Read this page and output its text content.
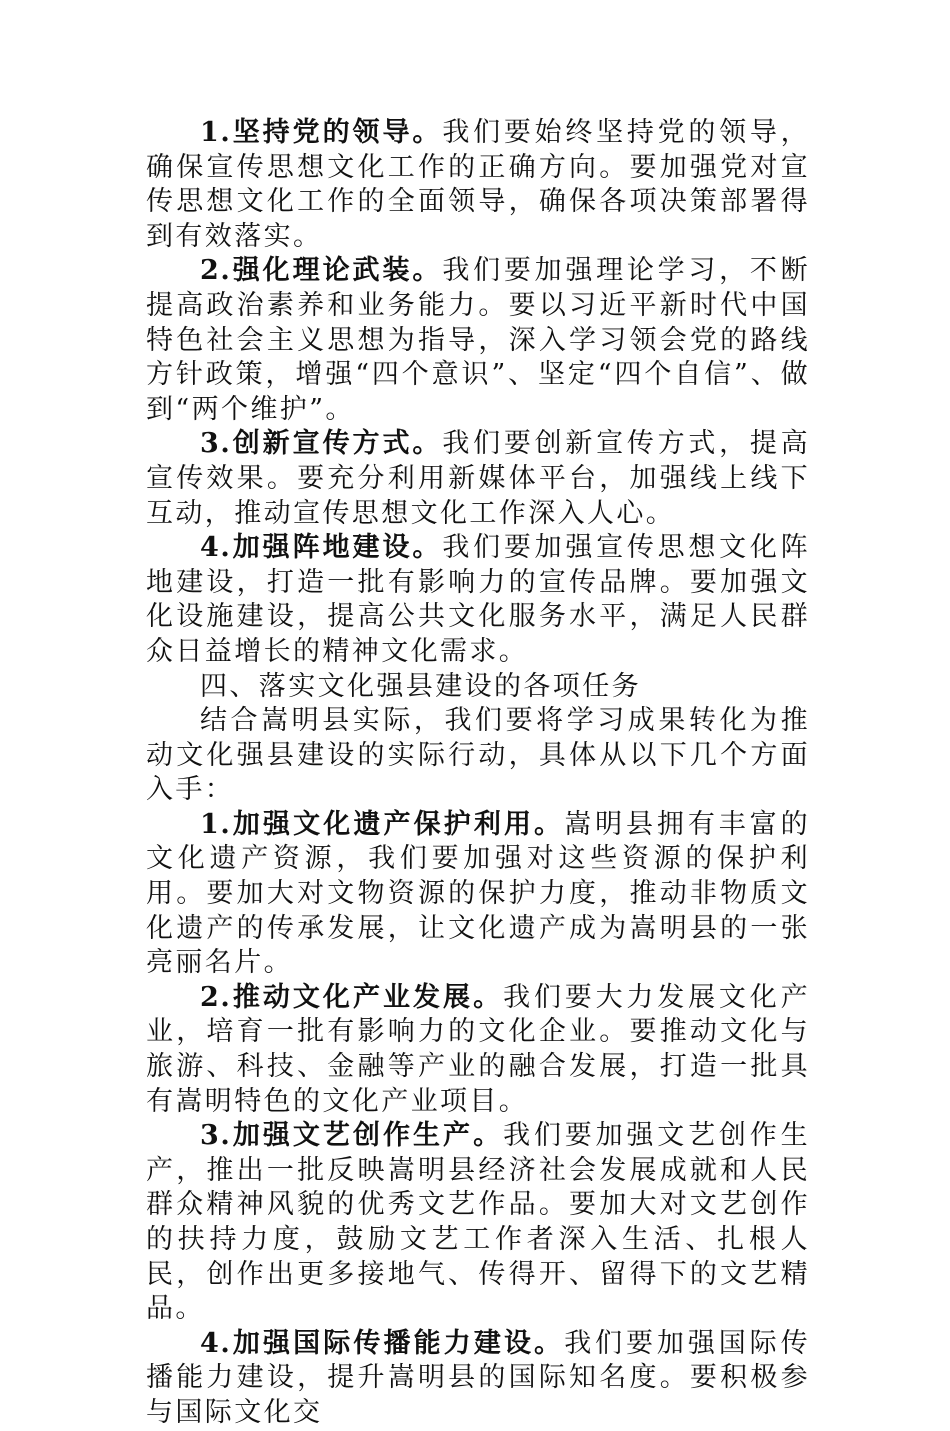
1.坚持党的领导。我们要始终坚持党的领导，确保宣传思想文化工作的正确方向。要加强党对宣传思想文化工作的全面领导，确保各项决策部署得到有效落实。

2.强化理论武装。我们要加强理论学习，不断提高政治素养和业务能力。要以习近平新时代中国特色社会主义思想为指导，深入学习领会党的路线方针政策，增强“四个意识”、坚定“四个自信”、做到“两个维护”。

3.创新宣传方式。我们要创新宣传方式，提高宣传效果。要充分利用新媒体平台，加强线上线下互动，推动宣传思想文化工作深入人心。

4.加强阵地建设。我们要加强宣传思想文化阵地建设，打造一批有影响力的宣传品牌。要加强文化设施建设，提高公共文化服务水平，满足人民群众日益增长的精神文化需求。

四、落实文化强县建设的各项任务

结合嵩明县实际，我们要将学习成果转化为推动文化强县建设的实际行动，具体从以下几个方面入手：

1.加强文化遗产保护利用。嵩明县拥有丰富的文化遗产资源，我们要加强对这些资源的保护利用。要加大对文物资源的保护力度，推动非物质文化遗产的传承发展，让文化遗产成为嵩明县的一张亮丽名片。

2.推动文化产业发展。我们要大力发展文化产业，培育一批有影响力的文化企业。要推动文化与旅游、科技、金融等产业的融合发展，打造一批具有嵩明特色的文化产业项目。

3.加强文艺创作生产。我们要加强文艺创作生产，推出一批反映嵩明县经济社会发展成就和人民群众精神风貌的优秀文艺作品。要加大对文艺创作的扶持力度，鼓励文艺工作者深入生活、扎根人民，创作出更多接地气、传得开、留得下的文艺精品。

4.加强国际传播能力建设。我们要加强国际传播能力建设，提升嵩明县的国际知名度。要积极参与国际文化交
